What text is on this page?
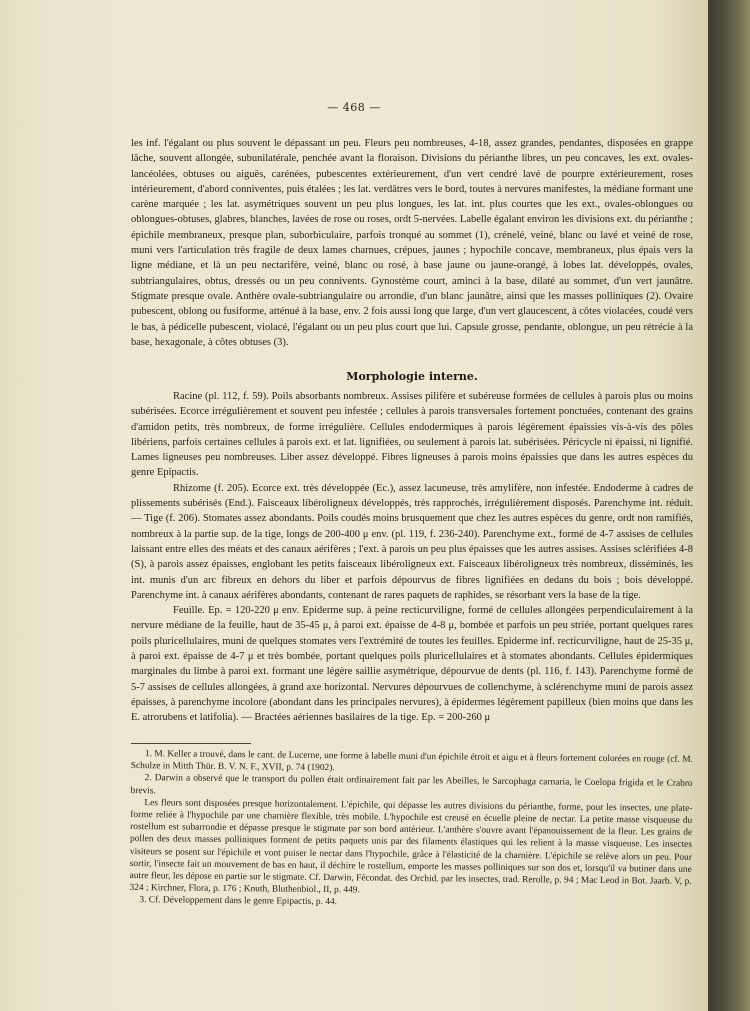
— 468 —
les inf. l'égalant ou plus souvent le dépassant un peu. Fleurs peu nombreuses, 4-18, assez grandes, pendantes, disposées en grappe lâche, souvent allongée, subunilatérale, penchée avant la floraison. Divisions du périanthe libres, un peu concaves, les ext. ovales-lancéolées, obtuses ou aiguës, carénées, pubescentes extérieurement, d'un vert cendré lavé de pourpre extérieurement, roses intérieurement, d'abord conniventes, puis étalées ; les lat. verdâtres vers le bord, toutes à nervures manifestes, la médiane formant une carène marquée ; les lat. asymétriques souvent un peu plus longues, les lat. int. plus courtes que les ext., ovales-oblongues ou oblongues-obtuses, glabres, blanches, lavées de rose ou roses, ordt 5-nervées. Labelle égalant environ les divisions ext. du périanthe ; épichile membraneux, presque plan, suborbiculaire, parfois tronqué au sommet (1), crénelé, veiné, blanc ou lavé et veiné de rose, muni vers l'articulation très fragile de deux lames charnues, crépues, jaunes ; hypochile concave, membraneux, plus épais vers la ligne médiane, et là un peu nectarifère, veiné, blanc ou rosé, à base jaune ou jaune-orangé, à lobes lat. développés, ovales, subtriangulaires, obtus, dressés ou un peu connivents. Gynostème court, aminci à la base, dilaté au sommet, d'un vert jaunâtre. Stigmate presque ovale. Anthère ovale-subtriangulaire ou arrondie, d'un blanc jaunâtre, ainsi que les masses polliniques (2). Ovaire pubescent, oblong ou fusiforme, atténué à la base, env. 2 fois aussi long que large, d'un vert glaucescent, à côtes violacées, coudé vers le bas, à pédicelle pubescent, violacé, l'égalant ou un peu plus court que lui. Capsule grosse, pendante, oblongue, un peu rétrécie à la base, hexagonale, à côtes obtuses (3).
Morphologie interne.

Racine (pl. 112, f. 59). Poils absorbants nombreux. Assises pilifère et subéreuse formées de cellules à parois plus ou moins subérisées. Ecorce irrégulièrement et souvent peu infestée ; cellules à parois transversales fortement ponctuées, contenant des grains d'amidon petits, très nombreux, de forme irrégulière. Cellules endodermiques à parois légèrement épaissies vis-à-vis des pôles libériens, parfois certaines cellules à parois ext. et lat. lignifiées, ou seulement à parois lat. subérisées. Péricycle ni épaissi, ni lignifié. Lames ligneuses peu nombreuses. Liber assez développé. Fibres ligneuses à parois moins épaissies que dans les autres espèces du genre Epipactis.

Rhizome (f. 205). Ecorce ext. très développée (Ec.), assez lacuneuse, très amylifère, non infestée. Endoderme à cadres de plissements subérisés (End.). Faisceaux libéroligneux développés, très rapprochés, irrégulièrement disposés. Parenchyme int. réduit. — Tige (f. 206). Stomates assez abondants. Poils coudés moins brusquement que chez les autres espèces du genre, ordt non ramifiés, nombreux à la partie sup. de la tige, longs de 200-400 μ env. (pl. 119, f. 236-240). Parenchyme ext., formé de 4-7 assises de cellules laissant entre elles des méats et des canaux aérifères ; l'ext. à parois un peu plus épaisses que les autres assises. Assises sclérifiées 4-8 (S), à parois assez épaisses, englobant les petits faisceaux libéroligneux ext. Faisceaux libéroligneux très nombreux, disséminés, les int. munis d'un arc fibreux en dehors du liber et parfois dépourvus de fibres lignifiées en dedans du bois ; bois développé. Parenchyme int. à canaux aérifères abondants, contenant de rares paquets de raphides, se résorbant vers la base de la tige.

Feuille. Ep. = 120-220 μ env. Epiderme sup. à peine recticurviligne, formé de cellules allongées perpendiculairement à la nervure médiane de la feuille, haut de 35-45 μ, à paroi ext. épaisse de 4-8 μ, bombée et parfois un peu striée, portant quelques rares poils pluricellulaires, muni de quelques stomates vers l'extrémité de toutes les feuilles. Epiderme inf. recticurviligne, haut de 25-35 μ, à paroi ext. épaisse de 4-7 μ et très bombée, portant quelques poils pluricellulaires et à stomates abondants. Cellules épidermiques marginales du limbe à paroi ext. formant une légère saillie asymétrique, dépourvue de dents (pl. 116, f. 143). Parenchyme formé de 5-7 assises de cellules allongées, à grand axe horizontal. Nervures dépourvues de collenchyme, à sclérenchyme muni de parois assez épaisses, à parenchyme incolore (abondant dans les principales nervures), à épidermes légèrement papilleux (bien moins que dans les E. atrorubens et latifolia). — Bractées aériennes basilaires de la tige. Ep. = 200-260 μ

1. M. Keller a trouvé, dans le cant. de Lucerne, une forme à labelle muni d'un épichile étroit et aigu et à fleurs fortement colorées en rouge (cf. M. Schulze in Mitth Thür. B. V. N. F., XVII, p. 74 (1902).

2. Darwin a observé que le transport du pollen était ordinairement fait par les Abeilles, le Sarcophaga carnaria, le Coelopa frigida et le Crabro brevis.

Les fleurs sont disposées presque horizontalement. L'épichile, qui dépasse les autres divisions du périanthe, forme, pour les insectes, une plate-forme reliée à l'hypochile par une charnière flexible, très mobile. L'hypochile est creusé en écuelle pleine de nectar. La petite masse visqueuse du rostellum est subarrondie et dépasse presque le stigmate par son bord antérieur. L'anthère s'ouvre avant l'épanouissement de la fleur. Les grains de pollen des deux masses polliniques forment de petits paquets unis par des filaments élastiques qui les relient à la masse visqueuse. Les insectes visiteurs se posent sur l'épichile et vont puiser le nectar dans l'hypochile, grâce à l'élasticité de la charnière. L'épichile se relève alors un peu. Pour sortir, l'insecte fait un mouvement de bas en haut, il déchire le rostellum, emporte les masses polliniques sur son dos et, lorsqu'il va butiner dans une autre fleur, les dépose en partie sur le stigmate. Cf. Darwin, Fécondat. des Orchid. par les insectes, trad. Rerolle, p. 94 ; Mac Leod in Bot. Jaarb. V, p. 324 ; Kirchner, Flora, p. 176 ; Knuth, Bluthenbiol., II, p. 449.

3. Cf. Développement dans le genre Epipactis, p. 44.
